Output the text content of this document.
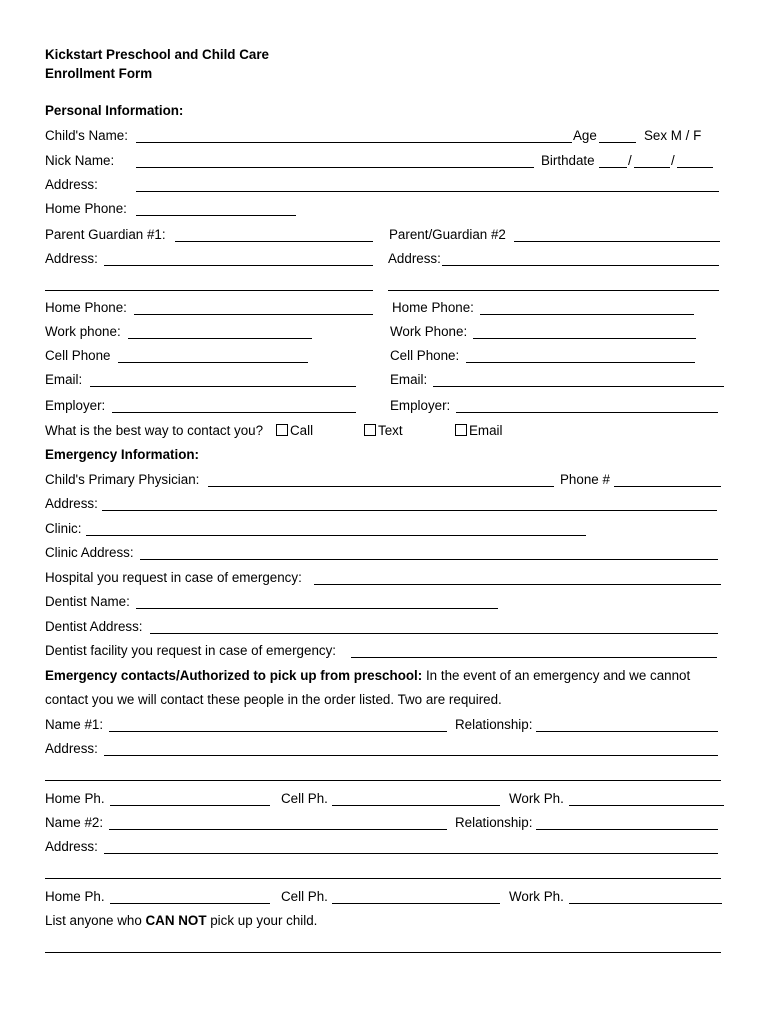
Kickstart Preschool and Child Care
Enrollment Form
Personal Information:
Child's Name:	Age	Sex M / F
Nick Name:	Birthdate /	/
Address:
Home Phone:
Parent Guardian #1:	Parent/Guardian #2
Address:	Address:
Home Phone:	Home Phone:
Work phone:	Work Phone:
Cell Phone	Cell Phone:
Email:	Email:
Employer:	Employer:
What is the best way to contact you? Call	Text	Email
Emergency Information:
Child's Primary Physician:	Phone #
Address:
Clinic:
Clinic Address:
Hospital you request in case of emergency:
Dentist Name:
Dentist Address:
Dentist facility you request in case of emergency:
Emergency contacts/Authorized to pick up from preschool: In the event of an emergency and we cannot
contact you we will contact these people in the order listed. Two are required.
Name #1:	Relationship:
Address:
Home Ph.	Cell Ph.	Work Ph.
Name #2:	Relationship:
Address:
Home Ph.	Cell Ph.	Work Ph.
List anyone who CAN NOT pick up your child.
